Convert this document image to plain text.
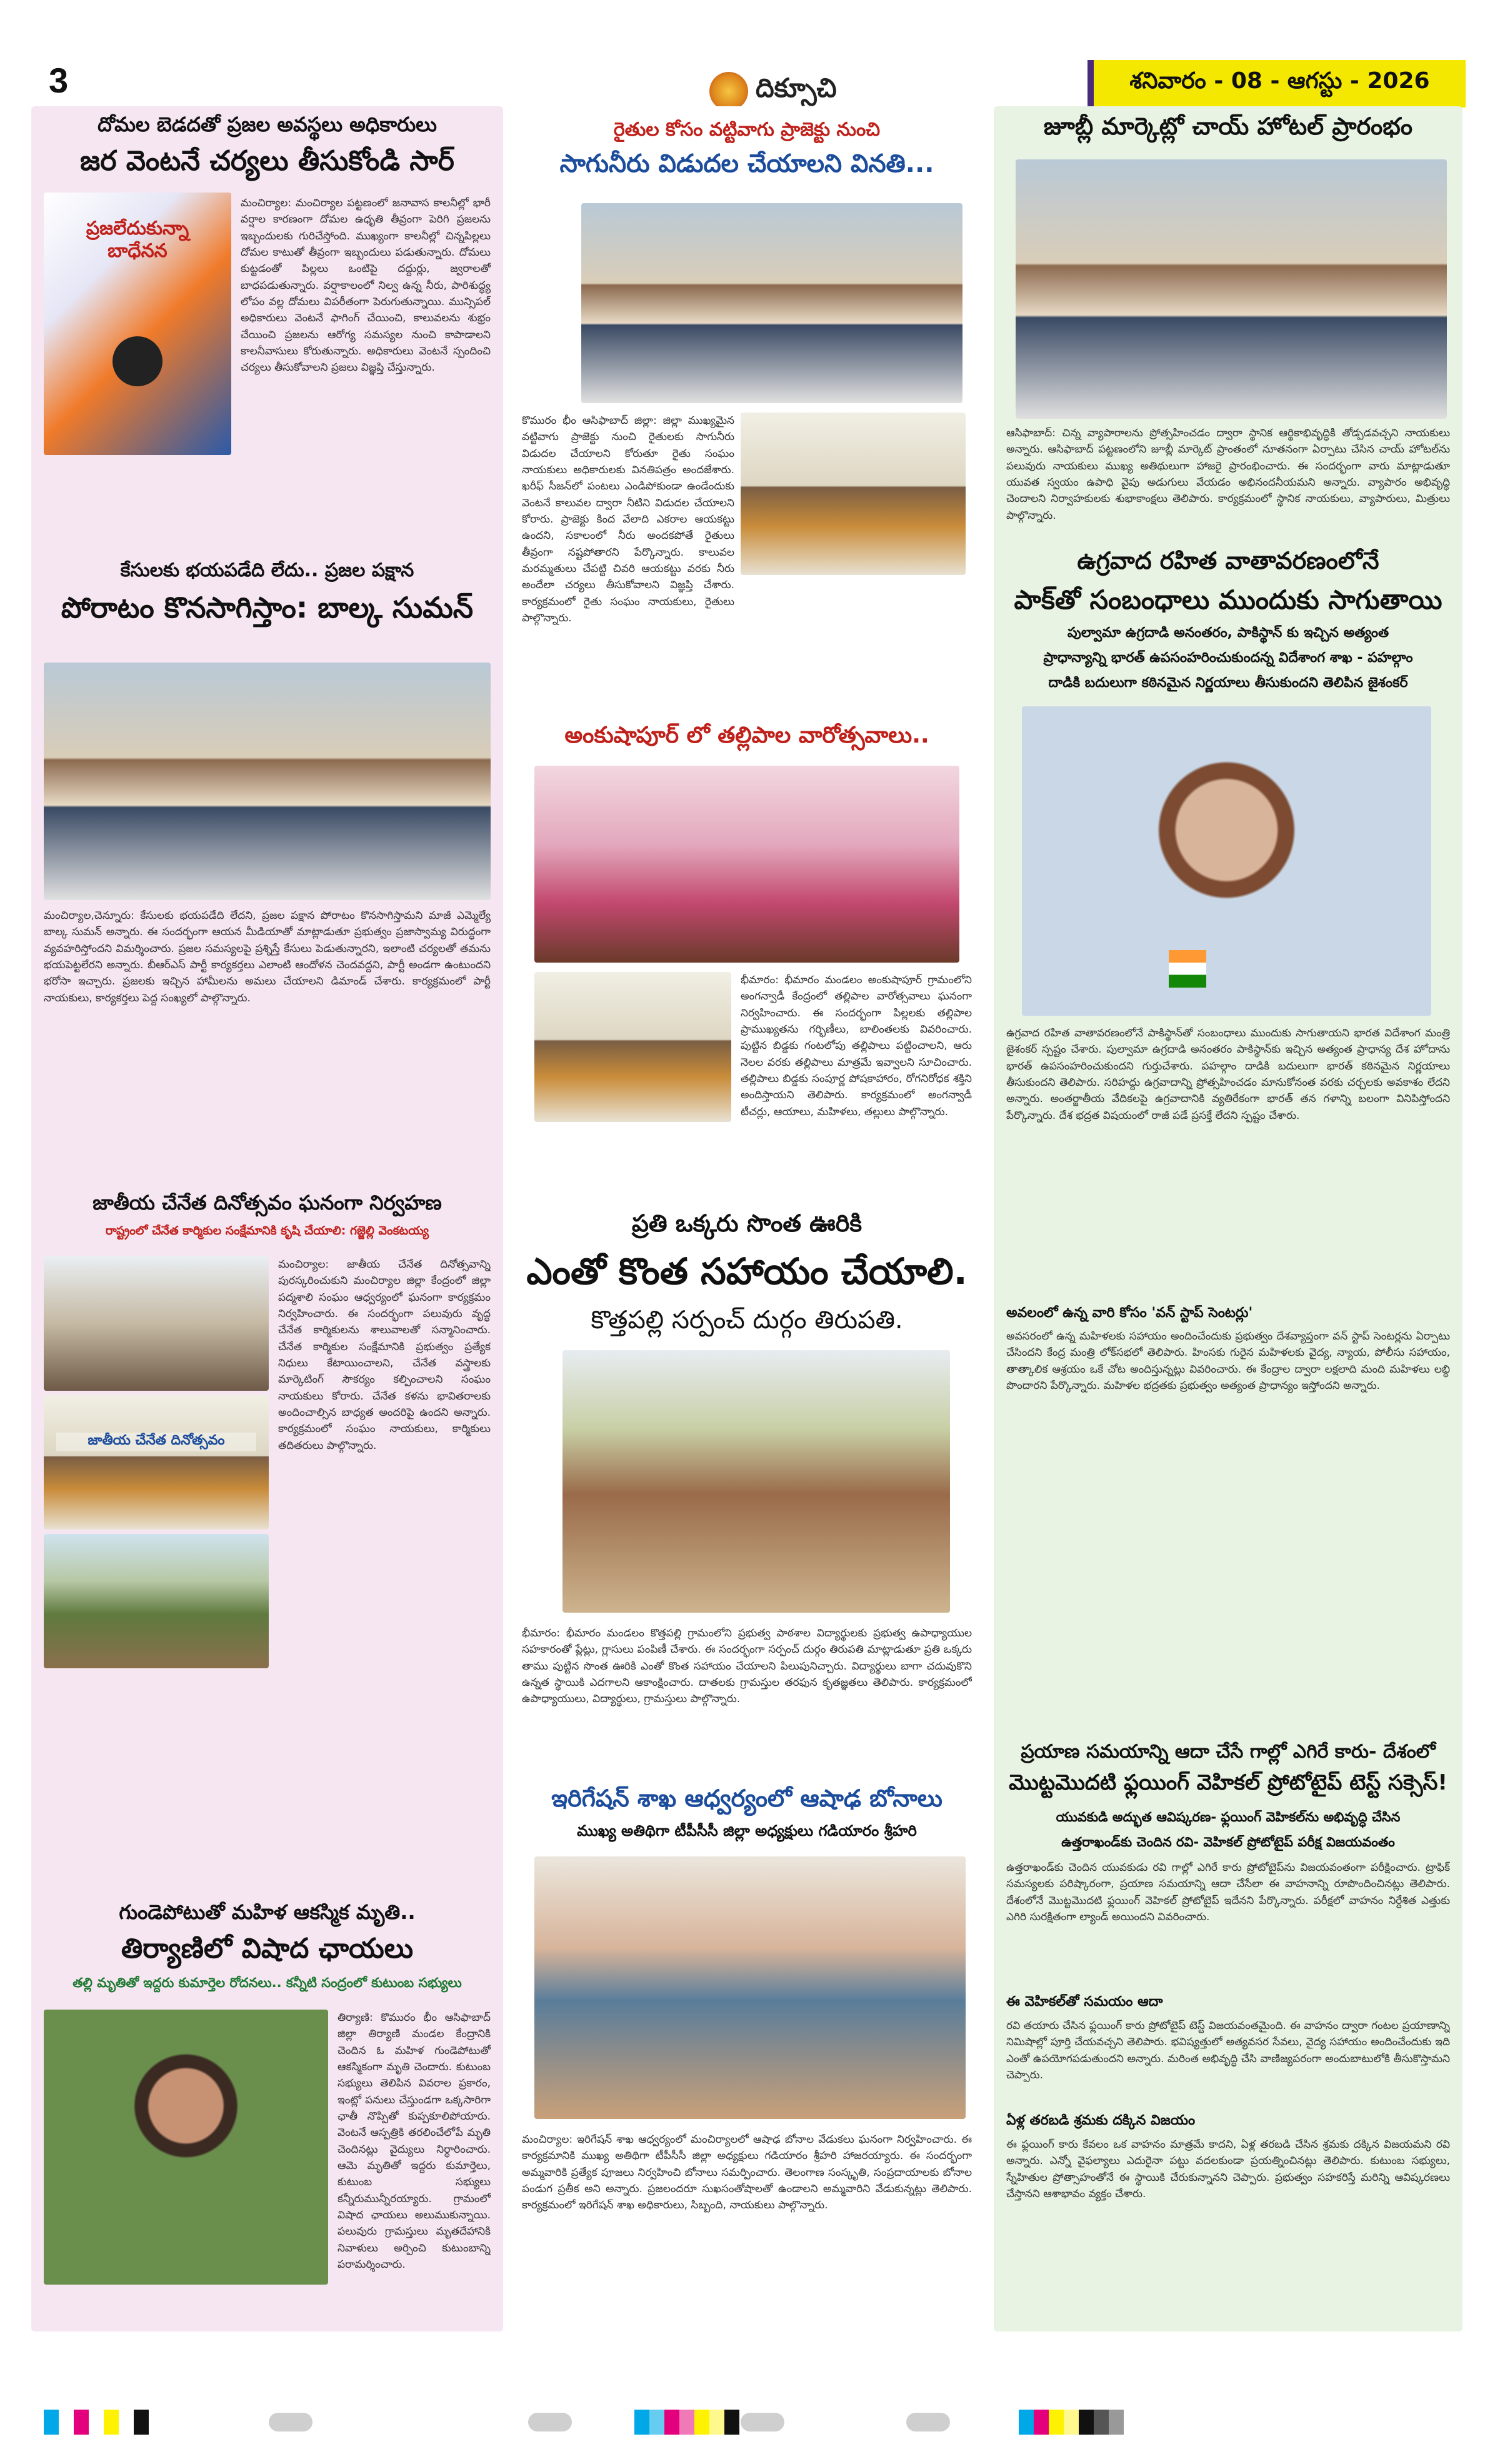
3	దిక్సూచి	శనివారం - 08 - ఆగస్టు - 2026
దోమల బెడదతో ప్రజల అవస్థలు అధికారులు
జర వెంటనే చర్యలు తీసుకోండి సార్
ప్రజలేదుకున్నా బాధేనన
మంచిర్యాల: మంచిర్యాల పట్టణంలో జనావాస కాలనీల్లో భారీ వర్షాల కారణంగా దోమల ఉధృతి తీవ్రంగా పెరిగి ప్రజలను ఇబ్బందులకు గురిచేస్తోంది. ముఖ్యంగా కాలనీల్లో చిన్నపిల్లలు దోమల కాటుతో తీవ్రంగా ఇబ్బందులు పడుతున్నారు. దోమలు కుట్టడంతో పిల్లలు ఒంటిపై దద్దుర్లు, జ్వరాలతో బాధపడుతున్నారు. వర్షాకాలంలో నిల్వ ఉన్న నీరు, పారిశుద్ధ్య లోపం వల్ల దోమలు విపరీతంగా పెరుగుతున్నాయి. మున్సిపల్ అధికారులు వెంటనే ఫాగింగ్ చేయించి, కాలువలను శుభ్రం చేయించి ప్రజలను ఆరోగ్య సమస్యల నుంచి కాపాడాలని కాలనీవాసులు కోరుతున్నారు. అధికారులు వెంటనే స్పందించి చర్యలు తీసుకోవాలని ప్రజలు విజ్ఞప్తి చేస్తున్నారు.
కేసులకు భయపడేది లేదు.. ప్రజల పక్షాన
పోరాటం కొనసాగిస్తాం: బాల్క సుమన్
మంచిర్యాల,చెన్నూరు: కేసులకు భయపడేది లేదని, ప్రజల పక్షాన పోరాటం కొనసాగిస్తామని మాజీ ఎమ్మెల్యే బాల్క సుమన్ అన్నారు. ఈ సందర్భంగా ఆయన మీడియాతో మాట్లాడుతూ ప్రభుత్వం ప్రజాస్వామ్య విరుద్ధంగా వ్యవహరిస్తోందని విమర్శించారు. ప్రజల సమస్యలపై ప్రశ్నిస్తే కేసులు పెడుతున్నారని, ఇలాంటి చర్యలతో తమను భయపెట్టలేరని అన్నారు. బీఆర్ఎస్ పార్టీ కార్యకర్తలు ఎలాంటి ఆందోళన చెందవద్దని, పార్టీ అండగా ఉంటుందని భరోసా ఇచ్చారు. ప్రజలకు ఇచ్చిన హామీలను అమలు చేయాలని డిమాండ్ చేశారు. కార్యక్రమంలో పార్టీ నాయకులు, కార్యకర్తలు పెద్ద సంఖ్యలో పాల్గొన్నారు.
జాతీయ చేనేత దినోత్సవం ఘనంగా నిర్వహణ
రాష్ట్రంలో చేనేత కార్మికుల సంక్షేమానికి కృషి చేయాలి: గజ్జెల్లి వెంకటయ్య
జాతీయ చేనేత దినోత్సవం
మంచిర్యాల: జాతీయ చేనేత దినోత్సవాన్ని పురస్కరించుకుని మంచిర్యాల జిల్లా కేంద్రంలో జిల్లా పద్మశాలి సంఘం ఆధ్వర్యంలో ఘనంగా కార్యక్రమం నిర్వహించారు. ఈ సందర్భంగా పలువురు వృద్ధ చేనేత కార్మికులను శాలువాలతో సన్మానించారు. చేనేత కార్మికుల సంక్షేమానికి ప్రభుత్వం ప్రత్యేక నిధులు కేటాయించాలని, చేనేత వస్త్రాలకు మార్కెటింగ్ సౌకర్యం కల్పించాలని సంఘం నాయకులు కోరారు. చేనేత కళను భావితరాలకు అందించాల్సిన బాధ్యత అందరిపై ఉందని అన్నారు. కార్యక్రమంలో సంఘం నాయకులు, కార్మికులు తదితరులు పాల్గొన్నారు.
గుండెపోటుతో మహిళ ఆకస్మిక మృతి..
తిర్యాణిలో విషాద ఛాయలు
తల్లి మృతితో ఇద్దరు కుమార్తెల రోదనలు.. కన్నీటి సంద్రంలో కుటుంబ సభ్యులు
తిర్యాణి: కొమురం భీం ఆసిఫాబాద్ జిల్లా తిర్యాణి మండల కేంద్రానికి చెందిన ఓ మహిళ గుండెపోటుతో ఆకస్మికంగా మృతి చెందారు. కుటుంబ సభ్యులు తెలిపిన వివరాల ప్రకారం, ఇంట్లో పనులు చేస్తుండగా ఒక్కసారిగా ఛాతీ నొప్పితో కుప్పకూలిపోయారు. వెంటనే ఆస్పత్రికి తరలించేలోపే మృతి చెందినట్లు వైద్యులు నిర్ధారించారు. ఆమె మృతితో ఇద్దరు కుమార్తెలు, కుటుంబ సభ్యులు కన్నీరుమున్నీరయ్యారు. గ్రామంలో విషాద ఛాయలు అలుముకున్నాయి. పలువురు గ్రామస్తులు మృతదేహానికి నివాళులు అర్పించి కుటుంబాన్ని పరామర్శించారు.
రైతుల కోసం వట్టివాగు ప్రాజెక్టు నుంచి
సాగునీరు విడుదల చేయాలని వినతి...
కొమురం భీం ఆసిఫాబాద్ జిల్లా: జిల్లా ముఖ్యమైన వట్టివాగు ప్రాజెక్టు నుంచి రైతులకు సాగునీరు విడుదల చేయాలని కోరుతూ రైతు సంఘం నాయకులు అధికారులకు వినతిపత్రం అందజేశారు. ఖరీఫ్ సీజన్‌లో పంటలు ఎండిపోకుండా ఉండేందుకు వెంటనే కాలువల ద్వారా నీటిని విడుదల చేయాలని కోరారు. ప్రాజెక్టు కింద వేలాది ఎకరాల ఆయకట్టు ఉందని, సకాలంలో నీరు అందకపోతే రైతులు తీవ్రంగా నష్టపోతారని పేర్కొన్నారు. కాలువల మరమ్మతులు చేపట్టి చివరి ఆయకట్టు వరకు నీరు అందేలా చర్యలు తీసుకోవాలని విజ్ఞప్తి చేశారు. కార్యక్రమంలో రైతు సంఘం నాయకులు, రైతులు పాల్గొన్నారు.
అంకుషాపూర్ లో తల్లిపాల వారోత్సవాలు..
భీమారం: భీమారం మండలం అంకుషాపూర్ గ్రామంలోని అంగన్వాడీ కేంద్రంలో తల్లిపాల వారోత్సవాలు ఘనంగా నిర్వహించారు. ఈ సందర్భంగా పిల్లలకు తల్లిపాల ప్రాముఖ్యతను గర్భిణీలు, బాలింతలకు వివరించారు. పుట్టిన బిడ్డకు గంటలోపు తల్లిపాలు పట్టించాలని, ఆరు నెలల వరకు తల్లిపాలు మాత్రమే ఇవ్వాలని సూచించారు. తల్లిపాలు బిడ్డకు సంపూర్ణ పోషకాహారం, రోగనిరోధక శక్తిని అందిస్తాయని తెలిపారు. కార్యక్రమంలో అంగన్వాడీ టీచర్లు, ఆయాలు, మహిళలు, తల్లులు పాల్గొన్నారు.
ప్రతి ఒక్కరు సొంత ఊరికి
ఎంతో కొంత సహాయం చేయాలి.
కొత్తపల్లి సర్పంచ్ దుర్గం తిరుపతి.
భీమారం: భీమారం మండలం కొత్తపల్లి గ్రామంలోని ప్రభుత్వ పాఠశాల విద్యార్థులకు ప్రభుత్వ ఉపాధ్యాయుల సహకారంతో ప్లేట్లు, గ్లాసులు పంపిణీ చేశారు. ఈ సందర్భంగా సర్పంచ్ దుర్గం తిరుపతి మాట్లాడుతూ ప్రతి ఒక్కరు తాము పుట్టిన సొంత ఊరికి ఎంతో కొంత సహాయం చేయాలని పిలుపునిచ్చారు. విద్యార్థులు బాగా చదువుకొని ఉన్నత స్థాయికి ఎదగాలని ఆకాంక్షించారు. దాతలకు గ్రామస్తుల తరఫున కృతజ్ఞతలు తెలిపారు. కార్యక్రమంలో ఉపాధ్యాయులు, విద్యార్థులు, గ్రామస్తులు పాల్గొన్నారు.
ఇరిగేషన్ శాఖ ఆధ్వర్యంలో ఆషాఢ బోనాలు
ముఖ్య అతిథిగా టీపీసీసీ జిల్లా అధ్యక్షులు గడియారం శ్రీహరి
మంచిర్యాల: ఇరిగేషన్ శాఖ ఆధ్వర్యంలో మంచిర్యాలలో ఆషాఢ బోనాల వేడుకలు ఘనంగా నిర్వహించారు. ఈ కార్యక్రమానికి ముఖ్య అతిథిగా టీపీసీసీ జిల్లా అధ్యక్షులు గడియారం శ్రీహరి హాజరయ్యారు. ఈ సందర్భంగా అమ్మవారికి ప్రత్యేక పూజలు నిర్వహించి బోనాలు సమర్పించారు. తెలంగాణ సంస్కృతి, సంప్రదాయాలకు బోనాల పండుగ ప్రతీక అని అన్నారు. ప్రజలందరూ సుఖసంతోషాలతో ఉండాలని అమ్మవారిని వేడుకున్నట్లు తెలిపారు. కార్యక్రమంలో ఇరిగేషన్ శాఖ అధికారులు, సిబ్బంది, నాయకులు పాల్గొన్నారు.
జూబ్లీ మార్కెట్లో చాయ్ హోటల్ ప్రారంభం
ఆసిఫాబాద్: చిన్న వ్యాపారాలను ప్రోత్సహించడం ద్వారా స్థానిక ఆర్థికాభివృద్ధికి తోడ్పడవచ్చని నాయకులు అన్నారు. ఆసిఫాబాద్ పట్టణంలోని జూబ్లీ మార్కెట్ ప్రాంతంలో నూతనంగా ఏర్పాటు చేసిన చాయ్ హోటల్‌ను పలువురు నాయకులు ముఖ్య అతిథులుగా హాజరై ప్రారంభించారు. ఈ సందర్భంగా వారు మాట్లాడుతూ యువత స్వయం ఉపాధి వైపు అడుగులు వేయడం అభినందనీయమని అన్నారు. వ్యాపారం అభివృద్ధి చెందాలని నిర్వాహకులకు శుభాకాంక్షలు తెలిపారు. కార్యక్రమంలో స్థానిక నాయకులు, వ్యాపారులు, మిత్రులు పాల్గొన్నారు.
ఉగ్రవాద రహిత వాతావరణంలోనే
పాక్‌తో సంబంధాలు ముందుకు సాగుతాయి
పుల్వామా ఉగ్రదాడి అనంతరం, పాకిస్థాన్ కు ఇచ్చిన అత్యంత
ప్రాధాన్యాన్ని భారత్ ఉపసంహరించుకుందన్న విదేశాంగ శాఖ - పహల్గాం
దాడికి బదులుగా కఠినమైన నిర్ణయాలు తీసుకుందని తెలిపిన జైశంకర్
ఉగ్రవాద రహిత వాతావరణంలోనే పాకిస్థాన్‌తో సంబంధాలు ముందుకు సాగుతాయని భారత విదేశాంగ మంత్రి జైశంకర్ స్పష్టం చేశారు. పుల్వామా ఉగ్రదాడి అనంతరం పాకిస్థాన్‌కు ఇచ్చిన అత్యంత ప్రాధాన్య దేశ హోదాను భారత్ ఉపసంహరించుకుందని గుర్తుచేశారు. పహల్గాం దాడికి బదులుగా భారత్ కఠినమైన నిర్ణయాలు తీసుకుందని తెలిపారు. సరిహద్దు ఉగ్రవాదాన్ని ప్రోత్సహించడం మానుకోనంత వరకు చర్చలకు అవకాశం లేదని అన్నారు. అంతర్జాతీయ వేదికలపై ఉగ్రవాదానికి వ్యతిరేకంగా భారత్ తన గళాన్ని బలంగా వినిపిస్తోందని పేర్కొన్నారు. దేశ భద్రత విషయంలో రాజీ పడే ప్రసక్తే లేదని స్పష్టం చేశారు.
అవలంలో ఉన్న వారి కోసం 'వన్ స్టాప్ సెంటర్లు'
అవసరంలో ఉన్న మహిళలకు సహాయం అందించేందుకు ప్రభుత్వం దేశవ్యాప్తంగా వన్ స్టాప్ సెంటర్లను ఏర్పాటు చేసిందని కేంద్ర మంత్రి లోక్‌సభలో తెలిపారు. హింసకు గురైన మహిళలకు వైద్య, న్యాయ, పోలీసు సహాయం, తాత్కాలిక ఆశ్రయం ఒకే చోట అందిస్తున్నట్లు వివరించారు. ఈ కేంద్రాల ద్వారా లక్షలాది మంది మహిళలు లబ్ధి పొందారని పేర్కొన్నారు. మహిళల భద్రతకు ప్రభుత్వం అత్యంత ప్రాధాన్యం ఇస్తోందని అన్నారు.
ప్రయాణ సమయాన్ని ఆదా చేసే గాల్లో ఎగిరే కారు- దేశంలో
మొట్టమొదటి ఫ్లయింగ్ వెహికల్ ప్రోటోటైప్ టెస్ట్ సక్సెస్!
యువకుడి అద్భుత ఆవిష్కరణ- ఫ్లయింగ్ వెహికల్‌ను అభివృద్ధి చేసిన
ఉత్తరాఖండ్‌కు చెందిన రవి- వెహికల్ ప్రోటోటైప్ పరీక్ష విజయవంతం
ఉత్తరాఖండ్‌కు చెందిన యువకుడు రవి గాల్లో ఎగిరే కారు ప్రోటోటైప్‌ను విజయవంతంగా పరీక్షించారు. ట్రాఫిక్ సమస్యలకు పరిష్కారంగా, ప్రయాణ సమయాన్ని ఆదా చేసేలా ఈ వాహనాన్ని రూపొందించినట్లు తెలిపారు. దేశంలోనే మొట్టమొదటి ఫ్లయింగ్ వెహికల్ ప్రోటోటైప్ ఇదేనని పేర్కొన్నారు. పరీక్షలో వాహనం నిర్దేశిత ఎత్తుకు ఎగిరి సురక్షితంగా ల్యాండ్ అయిందని వివరించారు.
ఈ వెహికల్‌తో సమయం ఆదా
రవి తయారు చేసిన ఫ్లయింగ్ కారు ప్రోటోటైప్ టెస్ట్ విజయవంతమైంది. ఈ వాహనం ద్వారా గంటల ప్రయాణాన్ని నిమిషాల్లో పూర్తి చేయవచ్చని తెలిపారు. భవిష్యత్తులో అత్యవసర సేవలు, వైద్య సహాయం అందించేందుకు ఇది ఎంతో ఉపయోగపడుతుందని అన్నారు. మరింత అభివృద్ధి చేసి వాణిజ్యపరంగా అందుబాటులోకి తీసుకొస్తామని చెప్పారు.
ఏళ్ల తరబడి శ్రమకు దక్కిన విజయం
ఈ ఫ్లయింగ్ కారు కేవలం ఒక వాహనం మాత్రమే కాదని, ఏళ్ల తరబడి చేసిన శ్రమకు దక్కిన విజయమని రవి అన్నారు. ఎన్నో వైఫల్యాలు ఎదురైనా పట్టు వదలకుండా ప్రయత్నించినట్లు తెలిపారు. కుటుంబ సభ్యులు, స్నేహితుల ప్రోత్సాహంతోనే ఈ స్థాయికి చేరుకున్నానని చెప్పారు. ప్రభుత్వం సహకరిస్తే మరిన్ని ఆవిష్కరణలు చేస్తానని ఆశాభావం వ్యక్తం చేశారు.
